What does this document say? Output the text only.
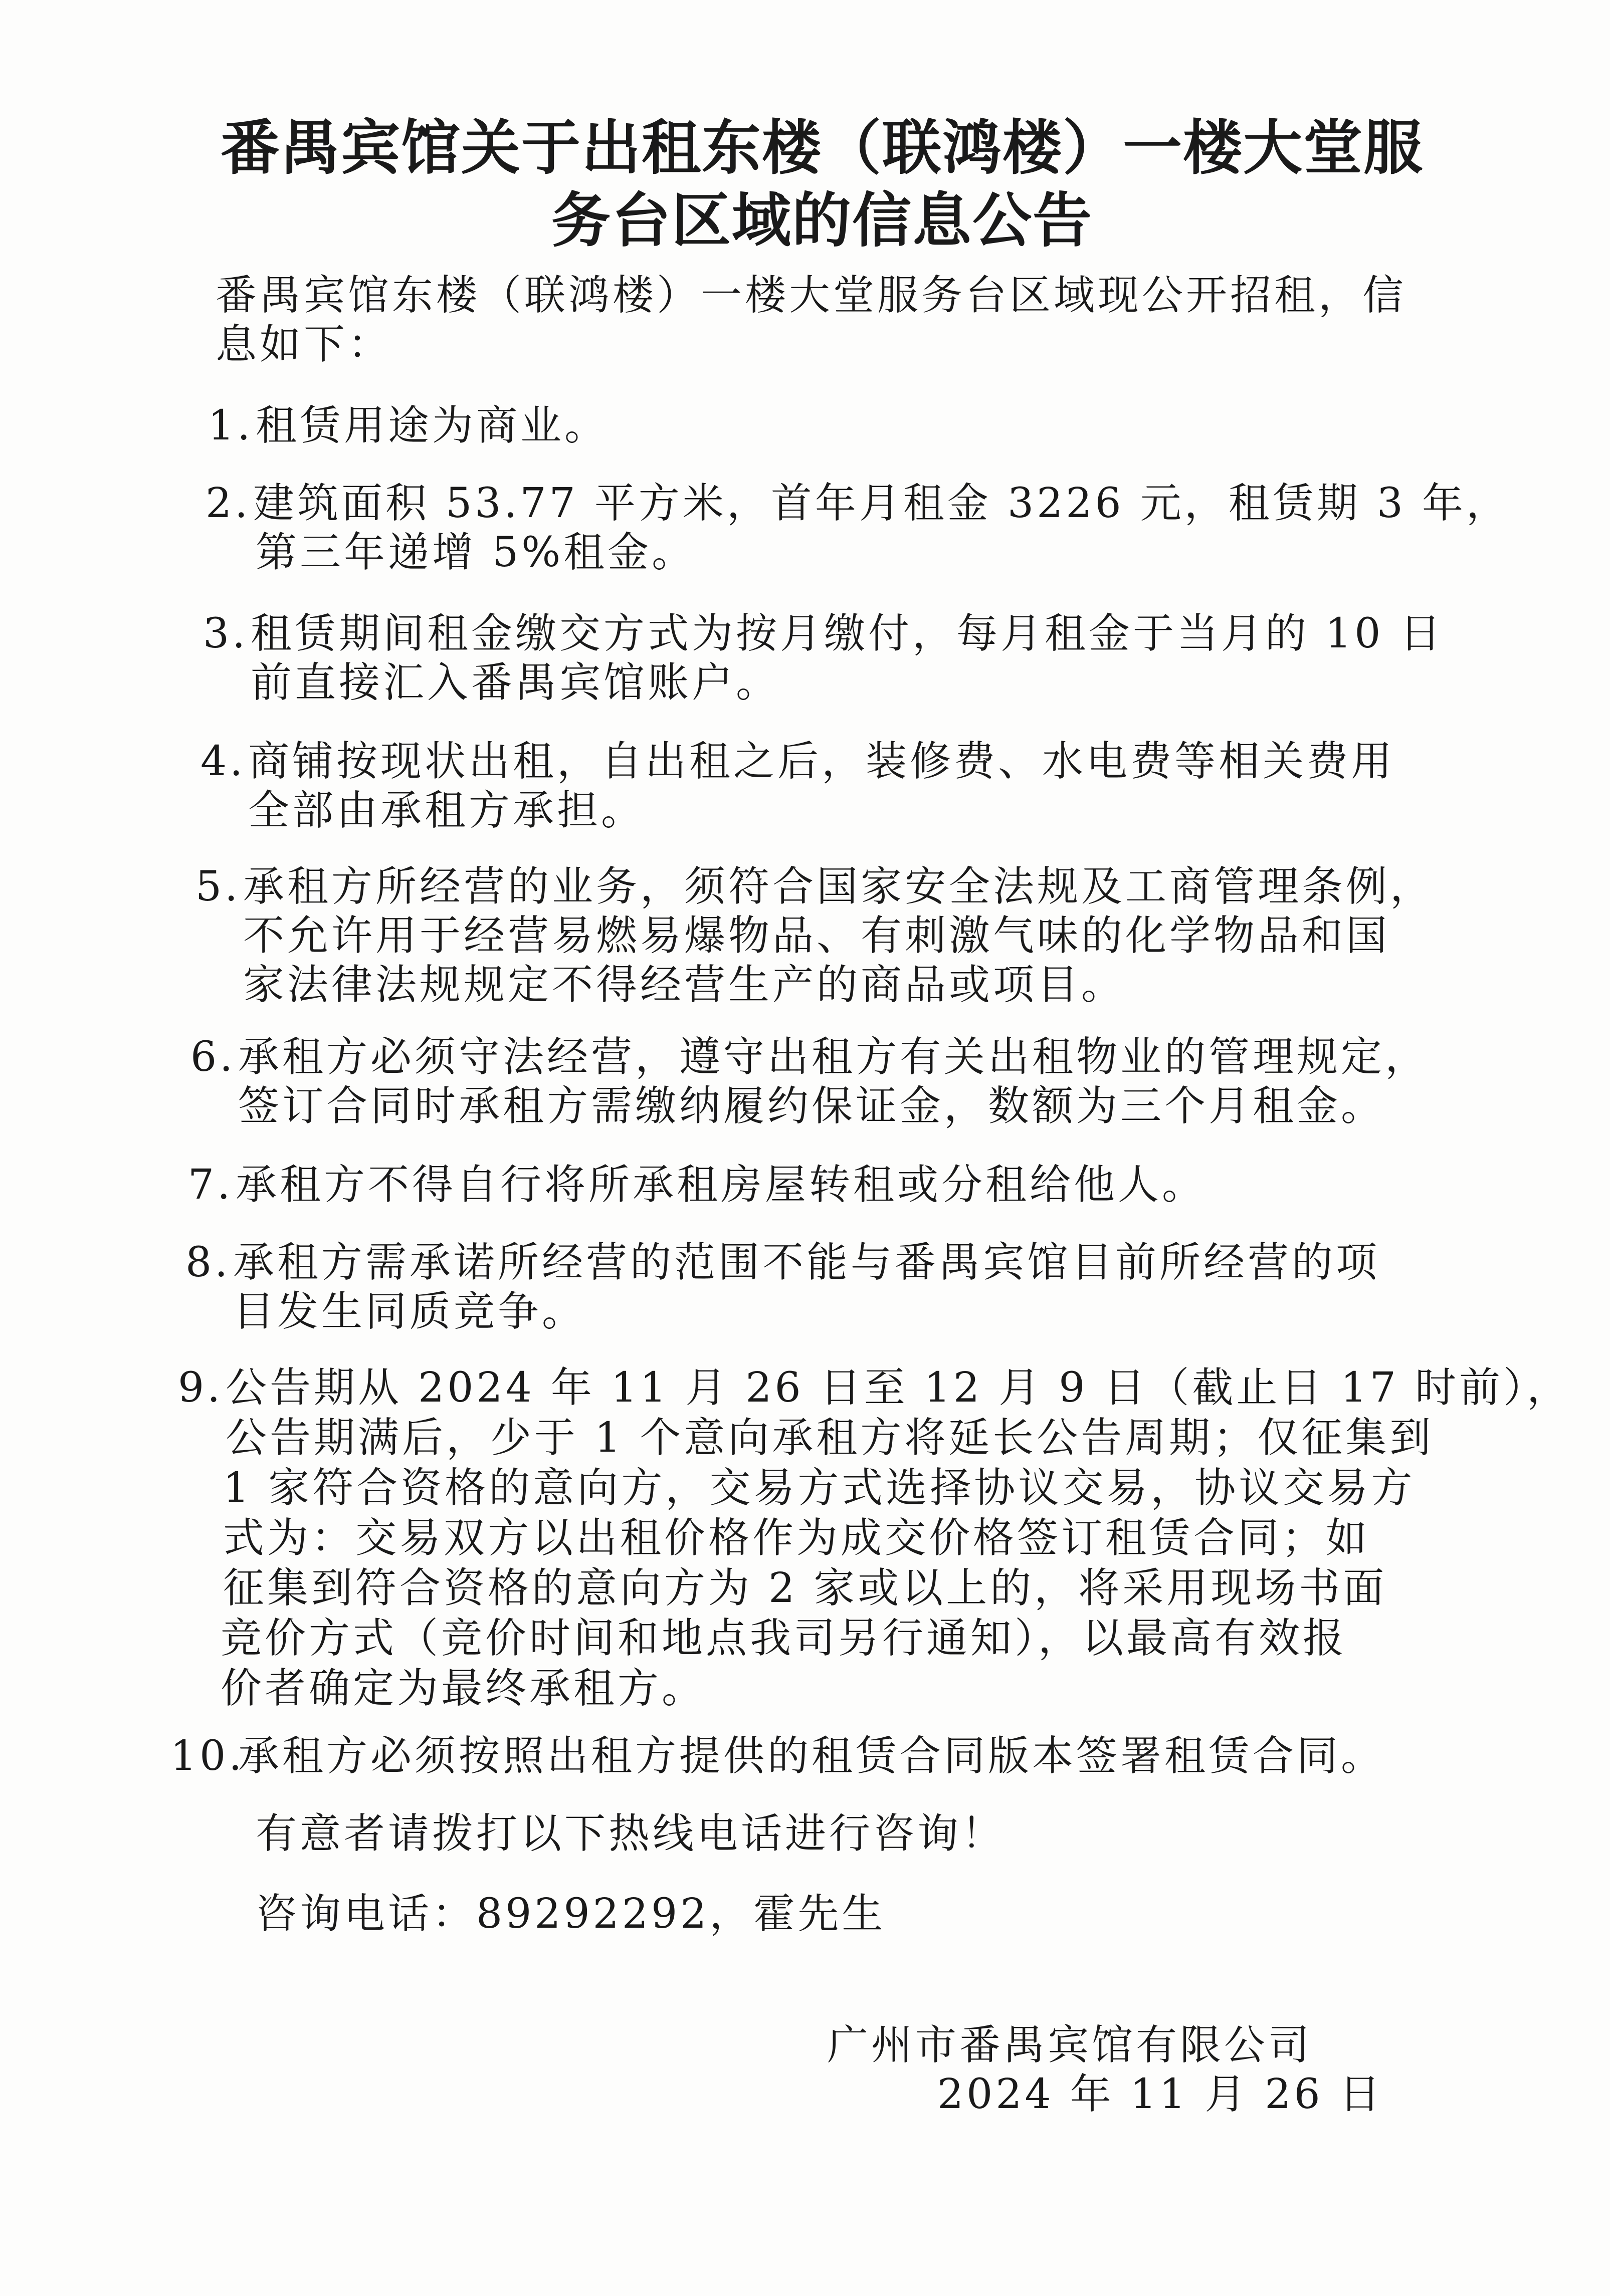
番禺宾馆关于出租东楼（联鸿楼）一楼大堂服
务台区域的信息公告

番禺宾馆东楼（联鸿楼）一楼大堂服务台区域现公开招租，信

息如下：

1. 租赁用途为商业。
2. 建筑面积 53.77 平方米，首年月租金 3226 元，租赁期 3 年，
第三年递增 5%租金。
3. 租赁期间租金缴交方式为按月缴付，每月租金于当月的 10 日
前直接汇入番禺宾馆账户。
4. 商铺按现状出租，自出租之后，装修费、水电费等相关费用
全部由承租方承担。
5. 承租方所经营的业务，须符合国家安全法规及工商管理条例，
不允许用于经营易燃易爆物品、有刺激气味的化学物品和国
家法律法规规定不得经营生产的商品或项目。
6. 承租方必须守法经营，遵守出租方有关出租物业的管理规定，
签订合同时承租方需缴纳履约保证金，数额为三个月租金。
7. 承租方不得自行将所承租房屋转租或分租给他人。
8. 承租方需承诺所经营的范围不能与番禺宾馆目前所经营的项
目发生同质竞争。
9. 公告期从 2024 年 11 月 26 日至 12 月 9 日（截止日 17 时前），
公告期满后，少于 1 个意向承租方将延长公告周期；仅征集到
1 家符合资格的意向方，交易方式选择协议交易，协议交易方
式为：交易双方以出租价格作为成交价格签订租赁合同；如
征集到符合资格的意向方为 2 家或以上的，将采用现场书面
竞价方式（竞价时间和地点我司另行通知），以最高有效报
价者确定为最终承租方。
10.
承租方必须按照出租方提供的租赁合同版本签署租赁合同。

有意者请拨打以下热线电话进行咨询！

咨询电话：89292292，霍先生

广州市番禺宾馆有限公司

2024 年 11 月 26 日
